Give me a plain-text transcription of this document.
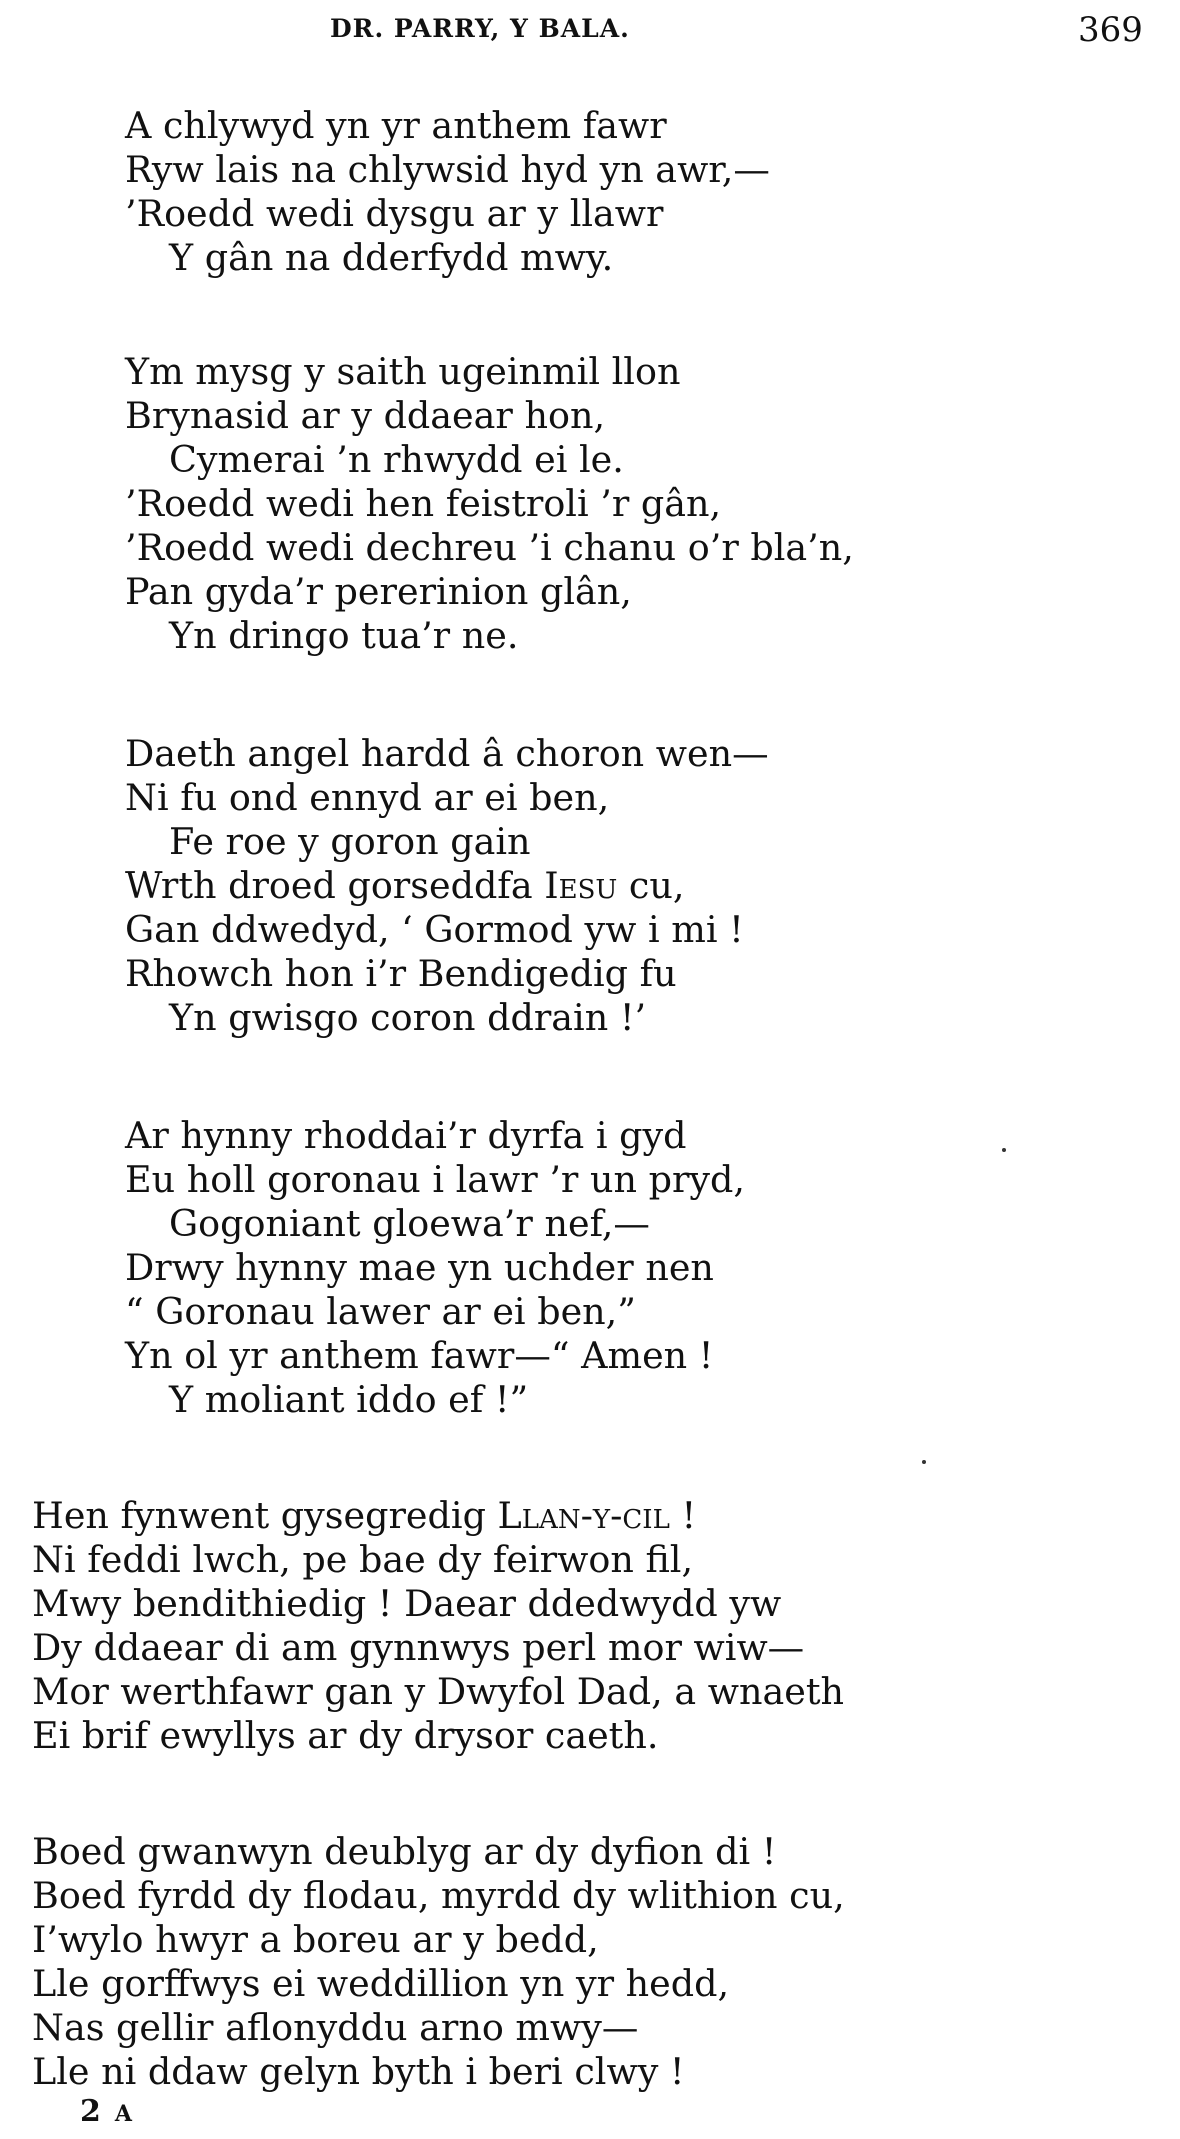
DR. PARRY, Y BALA.	369
A chlywyd yn yr anthem fawr
Ryw lais na chlywsid hyd yn awr,—
’Roedd wedi dysgu ar y llawr
Y gân na dderfydd mwy.
Ym mysg y saith ugeinmil llon
Brynasid ar y ddaear hon,
Cymerai ’n rhwydd ei le.
’Roedd wedi hen feistroli ’r gân,
’Roedd wedi dechreu ’i chanu o’r bla’n,
Pan gyda’r pererinion glân,
Yn dringo tua’r ne.
Daeth angel hardd â choron wen—
Ni fu ond ennyd ar ei ben,
Fe roe y goron gain
Wrth droed gorseddfa Iesu cu,
Gan ddwedyd, ‘ Gormod yw i mi !
Rhowch hon i’r Bendigedig fu
Yn gwisgo coron ddrain !’
Ar hynny rhoddai’r dyrfa i gyd
Eu holl goronau i lawr ’r un pryd,
Gogoniant gloewa’r nef,—
Drwy hynny mae yn uchder nen
“ Goronau lawer ar ei ben,”
Yn ol yr anthem fawr—“ Amen !
Y moliant iddo ef !”
Hen fynwent gysegredig Llan-y-cil !
Ni feddi lwch, pe bae dy feirwon fil,
Mwy bendithiedig ! Daear ddedwydd yw
Dy ddaear di am gynnwys perl mor wiw—
Mor werthfawr gan y Dwyfol Dad, a wnaeth
Ei brif ewyllys ar dy drysor caeth.
Boed gwanwyn deublyg ar dy dyfion di !
Boed fyrdd dy flodau, myrdd dy wlithion cu,
I’wylo hwyr a boreu ar y bedd,
Lle gorffwys ei weddillion yn yr hedd,
Nas gellir aflonyddu arno mwy—
Lle ni ddaw gelyn byth i beri clwy !
2 A
